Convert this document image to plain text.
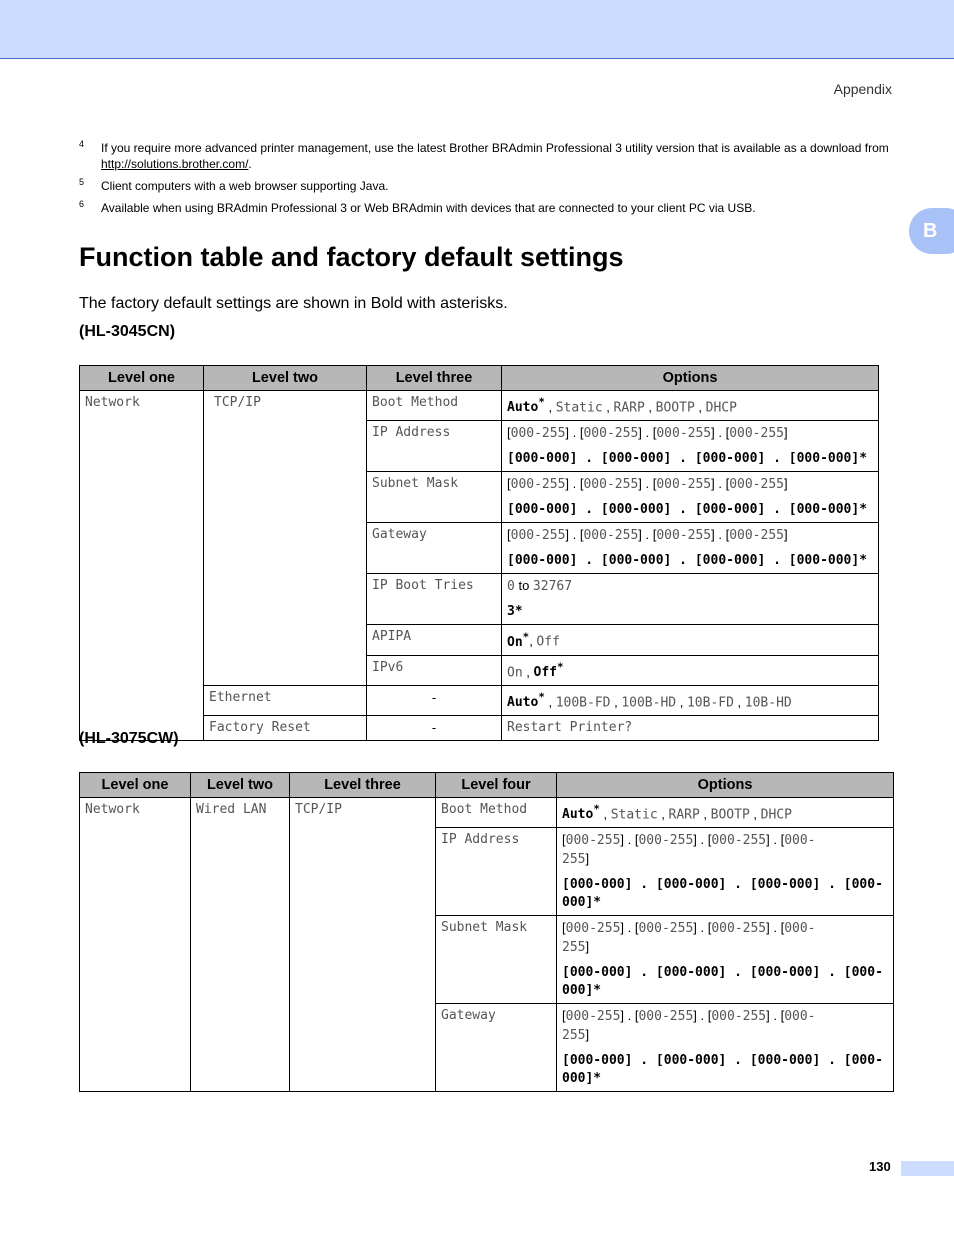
Appendix
B
4 If you require more advanced printer management, use the latest Brother BRAdmin Professional 3 utility version that is available as a download from http://solutions.brother.com/.
5 Client computers with a web browser supporting Java.
6 Available when using BRAdmin Professional 3 or Web BRAdmin with devices that are connected to your client PC via USB.
Function table and factory default settings

The factory default settings are shown in Bold with asterisks.

(HL-3045CN)

Level one	Level two	Level three	Options
Network	TCP/IP	Boot Method	Auto* , Static , RARP , BOOTP , DHCP
		IP Address	[000-255] . [000-255] . [000-255] . [000-255]

[000-000] . [000-000] . [000-000] . [000-000]*

		Subnet Mask	[000-255] . [000-255] . [000-255] . [000-255]

[000-000] . [000-000] . [000-000] . [000-000]*

		Gateway	[000-255] . [000-255] . [000-255] . [000-255]

[000-000] . [000-000] . [000-000] . [000-000]*

		IP Boot Tries	0 to 32767

3*

		APIPA	On*, Off
		IPv6	On , Off*
	Ethernet	-	Auto* , 100B-FD , 100B-HD , 10B-FD , 10B-HD
	Factory Reset	-	Restart Printer?

(HL-3075CW)

Level one	Level two	Level three	Level four	Options
Network	Wired LAN	TCP/IP	Boot Method	Auto* , Static , RARP , BOOTP , DHCP
			IP Address	[000-255] . [000-255] . [000-255] . [000-
255]

[000-000] . [000-000] . [000-000] . [000-
000]*

			Subnet Mask	[000-255] . [000-255] . [000-255] . [000-
255]

[000-000] . [000-000] . [000-000] . [000-
000]*

			Gateway	[000-255] . [000-255] . [000-255] . [000-
255]

[000-000] . [000-000] . [000-000] . [000-
000]*

130
